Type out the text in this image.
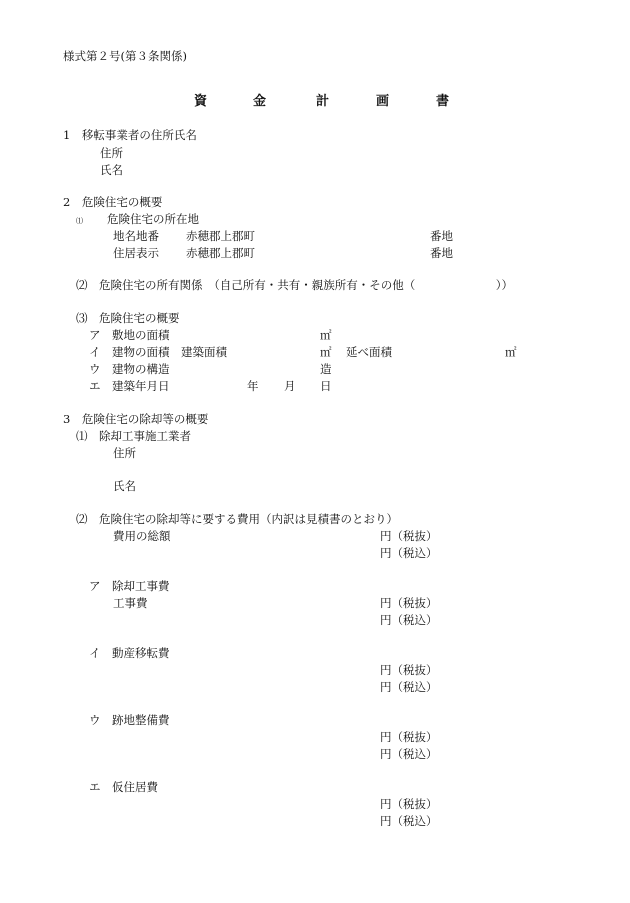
様式第２号(第３条関係)
資	金	計	画	書
1　移転事業者の住所氏名
住所
氏名
2　危険住宅の概要
⑴ 危険住宅の所在地
地名地番 赤穂郡上郡町	番地
住居表示 赤穂郡上郡町	番地
⑵　危険住宅の所有関係　（自己所有・共有・親族所有・その他（　　　　　　　））
⑶　危険住宅の概要
ア　敷地の面積	㎡
イ　建物の面積　建築面積	㎡ 延べ面積	㎡
ウ　建物の構造	造
エ　建築年月日	年 月 日
3　危険住宅の除却等の概要
⑴　除却工事施工業者
住所
氏名
⑵　危険住宅の除却等に要する費用（内訳は見積書のとおり）
費用の総額	円（税抜）
円（税込）
ア　除却工事費
工事費	円（税抜）
円（税込）
イ　動産移転費
円（税抜）
円（税込）
ウ　跡地整備費
円（税抜）
円（税込）
エ　仮住居費
円（税抜）
円（税込）
